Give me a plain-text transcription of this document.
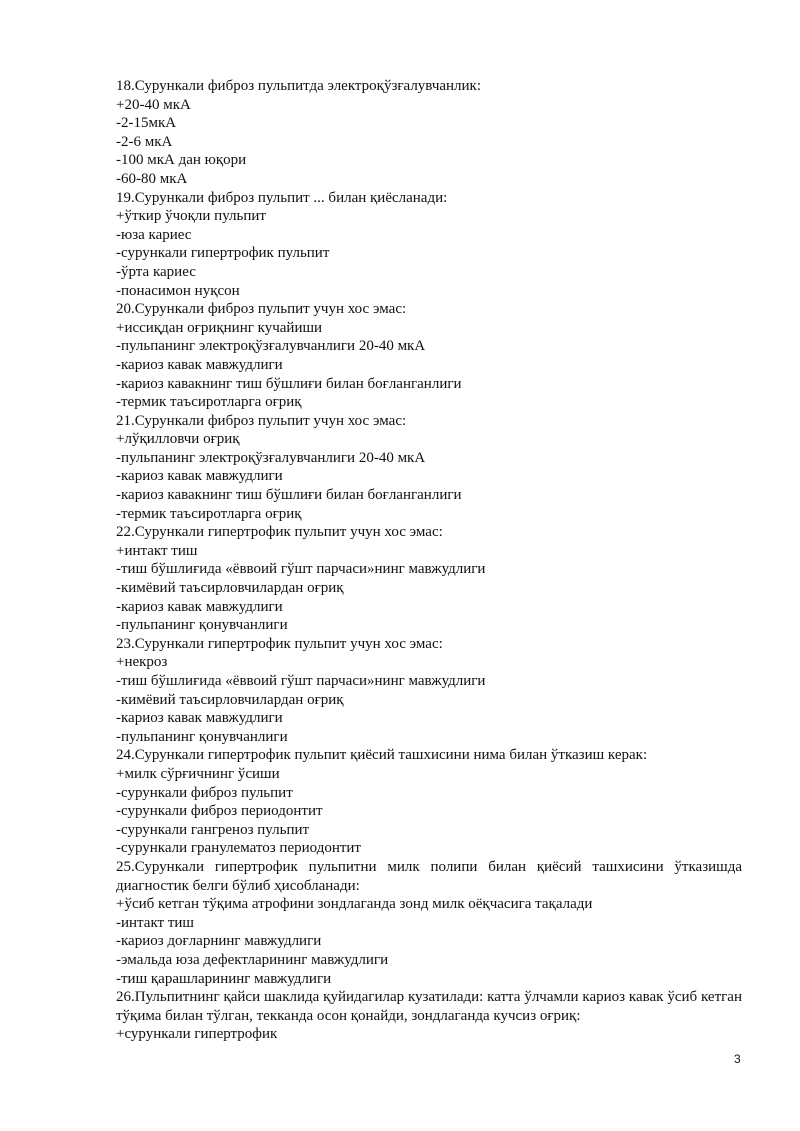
18.Сурункали фиброз пульпитда электроқўзғалувчанлик:
+20-40 мкА
-2-15мкА
-2-6 мкА
-100 мкА дан юқори
-60-80 мкА
19.Сурункали фиброз пульпит ... билан қиёсланади:
+ўткир ўчоқли пульпит
-юза кариес
-сурункали гипертрофик пульпит
-ўрта кариес
-понасимон нуқсон
20.Сурункали фиброз пульпит учун хос эмас:
+иссиқдан оғриқнинг кучайиши
-пульпанинг электроқўзғалувчанлиги 20-40 мкА
-кариоз кавак мавжудлиги
-кариоз кавакнинг тиш бўшлиғи билан боғланганлиги
-термик таъсиротларга оғриқ
21.Сурункали фиброз пульпит учун хос эмас:
+лўқилловчи оғриқ
-пульпанинг электроқўзғалувчанлиги 20-40 мкА
-кариоз кавак мавжудлиги
-кариоз кавакнинг тиш бўшлиғи билан боғланганлиги
-термик таъсиротларга оғриқ
22.Сурункали гипертрофик пульпит учун хос эмас:
+интакт тиш
-тиш бўшлиғида «ёввоий гўшт парчаси»нинг мавжудлиги
-кимёвий таъсирловчилардан оғриқ
-кариоз кавак мавжудлиги
-пульпанинг қонувчанлиги
23.Сурункали гипертрофик пульпит учун хос эмас:
+некроз
-тиш бўшлиғида «ёввоий гўшт парчаси»нинг мавжудлиги
-кимёвий таъсирловчилардан оғриқ
-кариоз кавак мавжудлиги
-пульпанинг қонувчанлиги
24.Сурункали гипертрофик пульпит қиёсий ташхисини нима билан ўтказиш керак:
+милк сўрғичнинг ўсиши
-сурункали фиброз пульпит
-сурункали фиброз периодонтит
-сурункали гангреноз пульпит
-сурункали гранулематоз периодонтит
25.Сурункали гипертрофик пульпитни милк полипи билан қиёсий ташхисини ўтказишда диагностик белги бўлиб ҳисобланади:
+ўсиб кетган тўқима атрофини зондлаганда зонд милк оёқчасига тақалади
-интакт тиш
-кариоз доғларнинг мавжудлиги
-эмальда юза дефектларининг мавжудлиги
-тиш қарашларининг мавжудлиги
26.Пульпитнинг қайси шаклида қуйидагилар кузатилади: катта ўлчамли кариоз кавак ўсиб кетган тўқима билан тўлган, текканда осон қонайди, зондлаганда кучсиз оғриқ:
+сурункали гипертрофик
3
